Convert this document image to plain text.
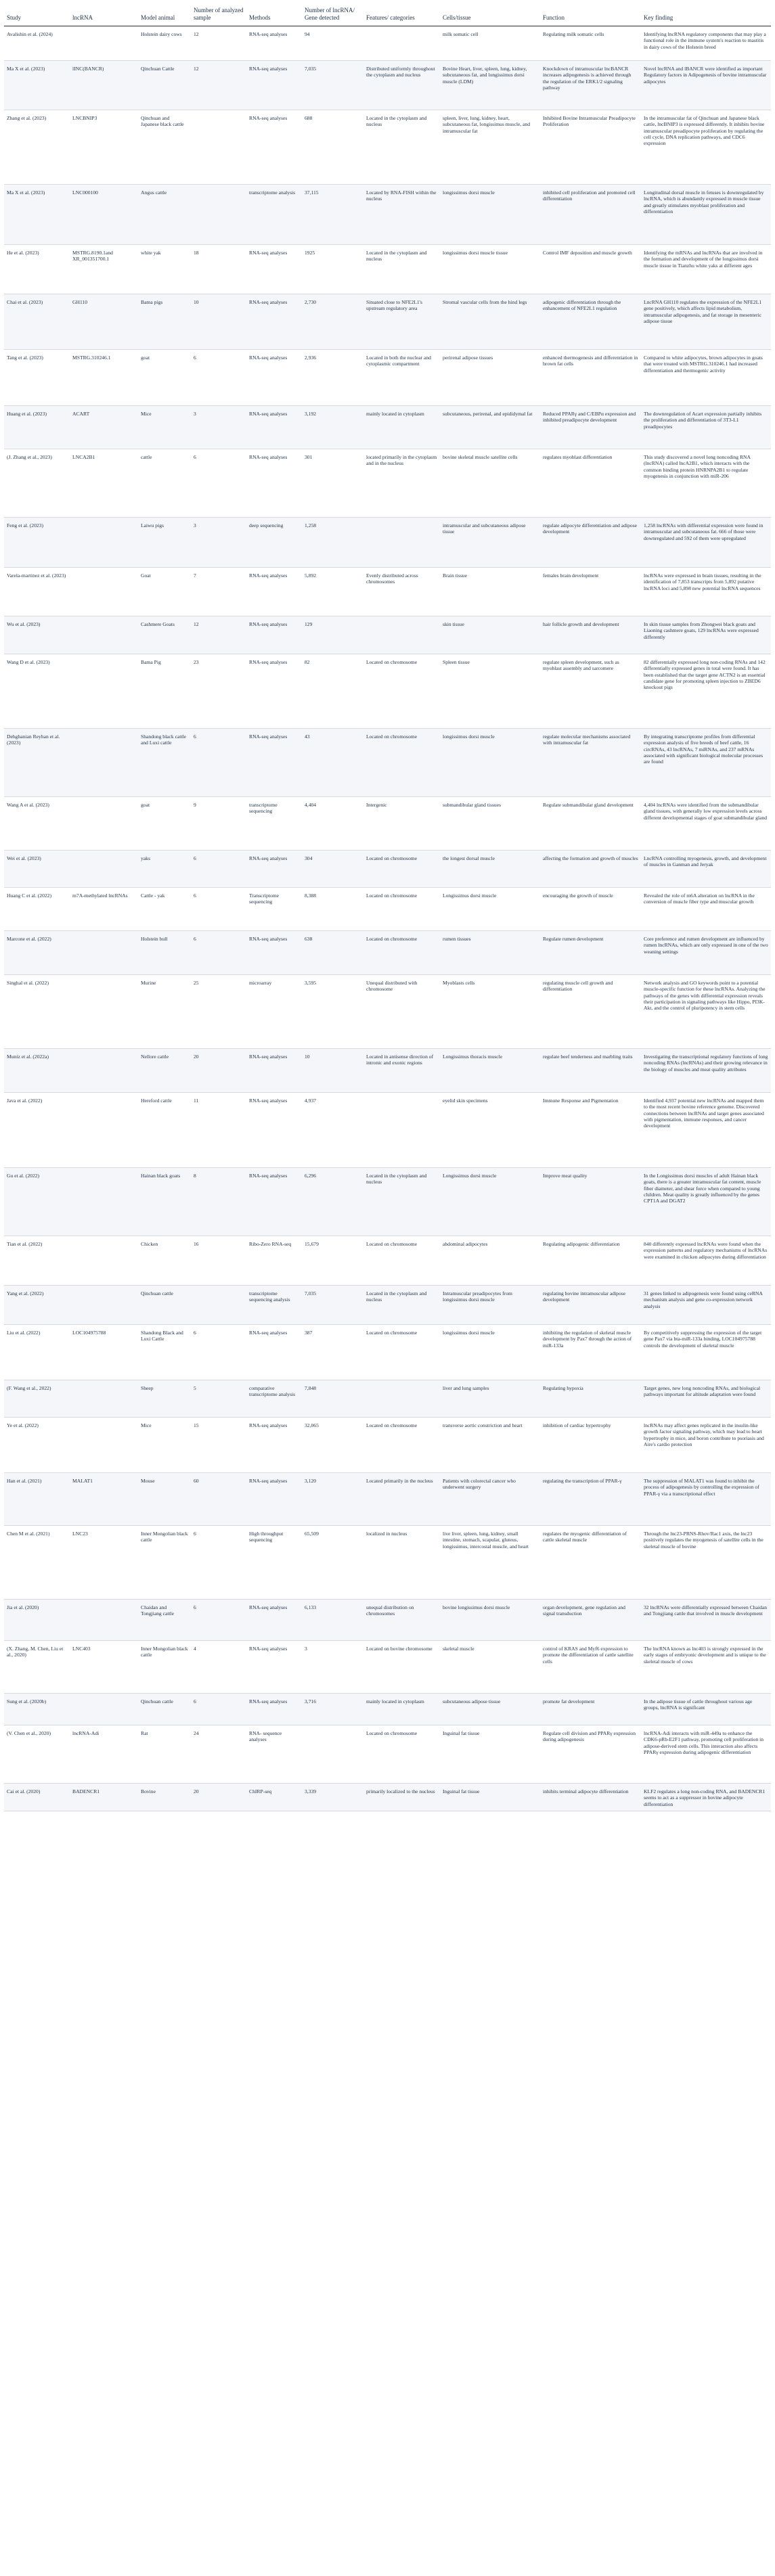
Study	lncRNA	Model animal	Number of analyzed sample	Methods	Number of lncRNA/ Gene detected	Features/ categories	Cells/tissue	Function	Key finding
Avalishin et al. (2024)		Holstein dairy cows	12	RNA-seq analyses	94		milk somatic cell	Regulating milk somatic cells	Identifying lncRNA regulatory components that may play a functional role in the immune system's reaction to mastitis in dairy cows of the Holstein breed
Ma X et al. (2023)	lINC(BANCR)	Qinchuan Cattle	12	RNA-seq analyses	7,035	Distributed uniformly throughout the cytoplasm and nucleus	Bovine Heart, liver, spleen, lung, kidney, subcutaneous fat, and longissimus dorsi muscle (LDM)	Knockdown of intramuscular lncBANCR increases adipogenesis is achieved through the regulation of the ERK1/2 signaling pathway	Novel lncRNA and lBANCR were identified as important Regulatory factors in Adipogenesis of bovine intramuscular adipocytes
Zhang et al. (2023)	LNCBNIP3	Qinchuan and Japanese black cattle		RNA-seq analyses	688	Located in the cytoplasm and nucleus	spleen, liver, lung, kidney, heart, subcutaneous fat, longissimus muscle, and intramuscular fat	Inhibited Bovine Intramuscular Preadipocyte Proliferation	In the intramuscular fat of Qinchuan and Japanese black cattle, lncBNIP3 is expressed differently. It inhibits bovine intramuscular preadipocyte proliferation by regulating the cell cycle, DNA replication pathways, and CDC6 expression
Ma X et al. (2023)	LNC000100	Angus cattle		transcriptome analysis	37,115	Located by RNA-FISH within the nucleus	longissimus dorsi muscle	inhibited cell proliferation and promoted cell differentiation	Longitudinal dorsal muscle in fetuses is downregulated by lncRNA, which is abundantly expressed in muscle tissue and greatly stimulates myoblast proliferation and differentiation
He et al. (2023)	MSTRG.8190.1and XR_001351700.1	white yak	18	RNA-seq analyses	1925	Located in the cytoplasm and nucleus	longissimus dorsi muscle tissue	Control IMF deposition and muscle growth	Identifying the mRNAs and lncRNAs that are involved in the formation and development of the longissimus dorsi muscle tissue in Tianzhu white yaks at different ages
Chai et al. (2023)	GH110	Bama pigs	10	RNA-seq analyses	2,730	Situated close to NFE2L1's upstream regulatory area	Stromal vascular cells from the hind legs	adipogenic differentiation through the enhancement of NFE2L1 regulation	LncRNA GH110 regulates the expression of the NFE2L1 gene positively, which affects lipid metabolism, intramuscular adipogenesis, and fat storage in mesenteric adipose tissue
Tang et al. (2023)	MSTRG.310246.1	goat	6	RNA-seq analyses	2,936	Located in both the nuclear and cytoplasmic compartment	perirenal adipose tissues	enhanced thermogenesis and differentiation in brown fat cells	Compared to white adipocytes, brown adipocytes in goats that were treated with MSTRG.310246.1 had increased differentiation and thermogenic activity
Huang et al. (2023)	ACART	Mice	3	RNA-seq analyses	3,192	mainly located in cytoplasm	subcutaneous, perirenal, and epididymal fat	Reduced PPARγ and C/EBPα expression and inhibited preadipocyte development	The downregulation of Acart expression partially inhibits the proliferation and differentiation of 3T3-L1 preadipocytes
(J. Zhang et al., 2023)	LNCA2B1	cattle	6	RNA-seq analyses	301	located primarily in the cytoplasm and in the nucleus	bovine skeletal muscle satellite cells	regulates myoblast differentiation	This study discovered a novel long noncoding RNA (lncRNA) called lncA2B1, which interacts with the common binding protein HNRNPA2B1 to regulate myogenesis in conjunction with miR-206
Feng et al. (2023)		Laiwu pigs	3	deep sequencing	1,258		intramuscular and subcutaneous adipose tissue	regulate adipocyte differentiation and adipose development	1,258 lncRNAs with differential expression were found in intramuscular and subcutaneous fat. 666 of those were downregulated and 592 of them were upregulated
Varela-martinez et al. (2023)		Goat	7	RNA-seq analyses	5,892	Evenly distributed across chromosomes	Brain tissue	females brain development	lncRNAs were expressed in brain tissues, resulting in the identification of 7,853 transcripts from 5,892 putative lncRNA loci and 5,898 new potential lncRNA sequences
Wu et al. (2023)		Cashmere Goats	12	RNA-seq analyses	129		skin tissue	hair follicle growth and development	In skin tissue samples from Zhongwei black goats and Liaoning cashmere goats, 129 lncRNAs were expressed differently
Wang D et al. (2023)		Bama Pig	23	RNA-seq analyses	82	Located on chromosome	Spleen tissue	regulate spleen development, such as myoblast assembly and sarcomere	82 differentially expressed long non-coding RNAs and 142 differentially expressed genes in total were found. It has been established that the target gene ACTN2 is an essential candidate gene for promoting spleen injection to ZBED6 knockout pigs
Dehghanian Reyhan et al. (2023)		Shandong black cattle and Luxi cattle	6	RNA-seq analyses	43	Located on chromosome	longissimus dorsi muscle	regulate molecular mechanisms associated with intramuscular fat	By integrating transcriptome profiles from differential expression analysis of five breeds of beef cattle, 16 circRNAs, 43 lncRNAs, 7 miRNAs, and 237 mRNAs associated with significant biological molecular processes are found
Wang A et al. (2023)		goat	9	transcriptome sequencing	4,404	Intergenic	submandibular gland tissues	Regulate submandibular gland development	4,404 lncRNAs were identified from the submandibular gland tissues, with generally low expression levels across different developmental stages of goat submandibular gland
Wei et al. (2023)		yaks	6	RNA-seq analyses	304	Located on chromosome	the longest dorsal muscle	affecting the formation and growth of muscles	LncRNA controlling myogenesis, growth, and development of muscles in Ganman and Jeryak
Huang C et al. (2022)	m7A-methylated lncRNAs	Cattle - yak	6	Transcriptome sequencing	8,388	Located on chromosome	Longissimus dorsi muscle	encouraging the growth of muscle	Revealed the role of m6A alteration on lncRNA in the conversion of muscle fiber type and muscular growth
Marcone et al. (2022)		Holstein bull	6	RNA-seq analyses	638	Located on chromosome	rumen tissues	Regulate rumen development	Core preference and rumen development are influenced by rumen lncRNAs, which are only expressed in one of the two weaning settings
Singhal et al. (2022)		Murine	25	microarray	3,595	Unequal distributed with chromosome	Myoblasts cells	regulating muscle cell growth and differentiation	Network analysis and GO keywords point to a potential muscle-specific function for these lncRNAs. Analyzing the pathways of the genes with differential expression reveals their participation in signaling pathways like Hippo, PI3K-Akt, and the control of pluripotency in stem cells
Muniz et al. (2022a)		Nellore cattle	20	RNA-seq analyses	10	Located in antisense direction of intronic and exonic regions	Longissimus thoracis muscle	regulate beef tenderness and marbling traits	Investigating the transcriptional regulatory functions of long noncoding RNAs (lncRNAs) and their growing relevance in the biology of muscles and meat quality attributes
Java et al. (2022)		Hereford cattle	11	RNA-seq analyses	4,937		eyelid skin specimens	Immune Response and Pigmentation	Identified 4,937 potential new lncRNAs and mapped them to the most recent bovine reference genome. Discovered connections between lncRNAs and target genes associated with pigmentation, immune responses, and cancer development
Gu et al. (2022)		Hainan black goats	8	RNA-seq analyses	6,296	Located in the cytoplasm and nucleus	Longissimus dorsi muscle	Improve meat quality	In the Longissimus dorsi muscles of adult Hainan black goats, there is a greater intramuscular fat content, muscle fiber diameter, and shear force when compared to young children. Meat quality is greatly influenced by the genes CPT1A and DGAT2
Tian et al. (2022)		Chicken	16	Ribo-Zero RNA-seq	15,679	Located on chromosome	abdominal adipocytes	Regulating adipogenic differentiation	840 differently expressed lncRNAs were found when the expression patterns and regulatory mechanisms of lncRNAs were examined in chicken adipocytes during differentiation
Yang et al. (2022)		Qinchuan cattle		transcriptome sequencing analysis	7,035	Located in the cytoplasm and nucleus	Intramuscular preadipocytes from longissimus dorsi muscle	regulating bovine intramuscular adipose development	31 genes linked to adipogenesis were found using ceRNA mechanism analysis and gene co-expression network analysis
Liu et al. (2022)	LOC104975788	Shandong Black and Luxi Cattle	6	RNA-seq analyses	387	Located on chromosome	longissimus dorsi muscle	inhibiting the regulation of skeletal muscle development by Pax7 through the action of miR-133a	By competitively suppressing the expression of the target gene Pax7 via bta-miR-133a binding, LOC104975788 controls the development of skeletal muscle
(F. Wang et al., 2022)		Sheep	5	comparative transcriptome analysis	7,848		liver and lung samples	Regulating hypoxia	Target genes, new long noncoding RNAs, and biological pathways important for altitude adaptation were found
Ye et al. (2022)		Mice	15	RNA-seq analyses	32,065	Located on chromosome	transverse aortic constriction and heart	inhibition of cardiac hypertrophy	lncRNAs may affect genes replicated in the insulin-like growth factor signaling pathway, which may lead to heart hypertrophy in mice, and boron contribute to psoriasis and Aire's cardio protection
Han et al. (2021)	MALAT1	Mouse	60	RNA-seq analyses	3,120	Located primarily in the nucleus	Patients with colorectal cancer who underwent surgery	regulating the transcription of PPAR-γ	The suppression of MALAT1 was found to inhibit the process of adipogenesis by controlling the expression of PPAR-γ via a transcriptional effect
Chen M et al. (2021)	LNC23	Inner Mongolian black cattle	6	High throughput sequencing	65,509	localized in nucleus	live liver, spleen, lung, kidney, small intestine, stomach, scapular, gluteus, longissimus, intercostal muscle, and heart	regulates the myogenic differentiation of cattle skeletal muscle	Through the lnc23-PRNS-Rhov/Rac1 axis, the lnc23 positively regulates the myogenesis of satellite cells in the skeletal muscle of bovine
Jia et al. (2020)		Chaidan and Tongjiang cattle	6	RNA-seq analyses	6,133	unequal distribution on chromosomes	bovine longissimus dorsi muscle	organ development, gene regulation and signal transduction	32 lncRNAs were differentially expressed between Chaidan and Tongjiang cattle that involved in muscle development
(X. Zhang, M. Chen, Liu et al., 2020)	LNC403	Inner Mongolian black cattle	4	RNA-seq analyses	3	Located on bovine chromosome	skeletal muscle	control of KRAS and Myf6 expression to promote the differentiation of cattle satellite cells	The lncRNA known as lnc403 is strongly expressed in the early stages of embryonic development and is unique to the skeletal muscle of cows
Sung et al. (2020b)		Qinchuan cattle	6	RNA-seq analyses	3,716	mainly located in cytoplasm	subcutaneous adipose tissue	promote fat development	In the adipose tissue of cattle throughout various age groups, lncRNA is significant
(V. Chen et al., 2020)	lncRNA-Adi	Rat	24	RNA- sequence analyses		Located on chromosome	Inguinal fat tissue	Regulate cell division and PPARγ expression during adipogenesis	lncRNA-Adi interacts with miR-449a to enhance the CDK6-pRb-E2F1 pathway, promoting cell proliferation in adipose-derived stem cells. This interaction also affects PPARγ expression during adipogenic differentiation
Cai et al. (2020)	BADENCR1	Bovine	20	ChIRP-seq	3,339	primarily localized to the nucleus	Inguinal fat tissue	inhibits terminal adipocyte differentiation	KLF2 regulates a long non-coding RNA, and BADENCR1 seems to act as a suppressor in bovine adipocyte differentiation
